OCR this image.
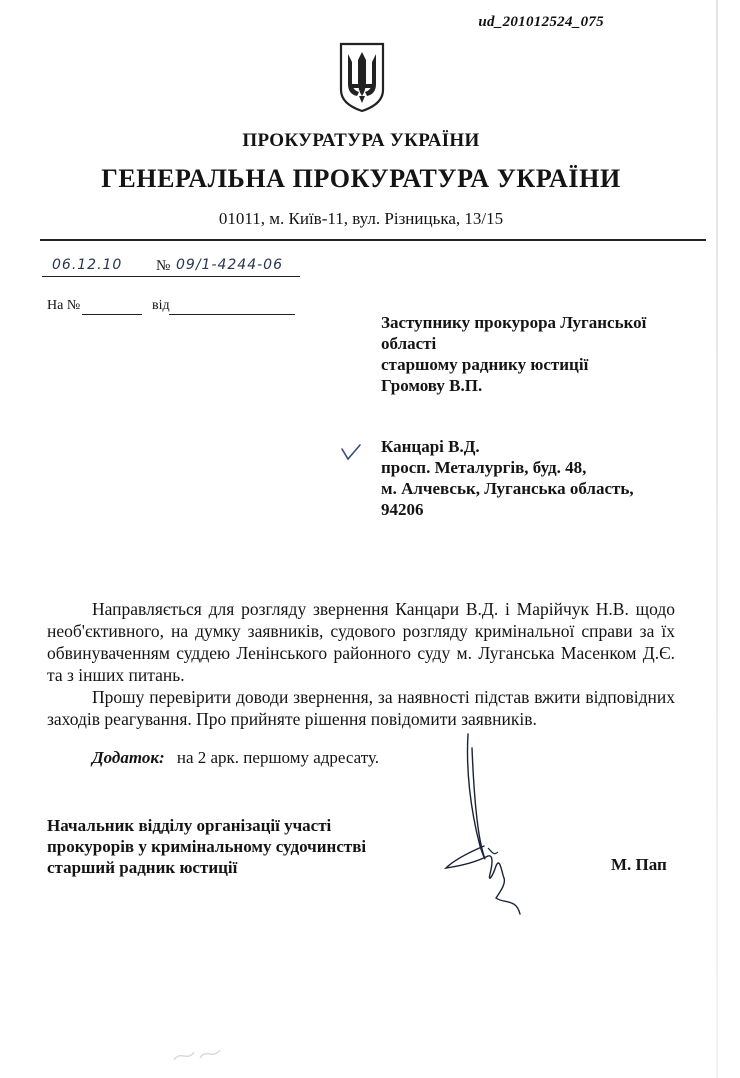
ud_201012524_075
ПРОКУРАТУРА УКРАЇНИ
ГЕНЕРАЛЬНА ПРОКУРАТУРА УКРАЇНИ
01011, м. Київ-11, вул. Різницька, 13/15
06.12.10 № 09/1-4244-06
На №	від
Заступнику прокурора Луганської
області
старшому раднику юстиції
Громову В.П.
Канцарі В.Д.
просп. Металургів, буд. 48,
м. Алчевськ, Луганська область,
94206

Направляється для розгляду звернення Канцари В.Д. і Марійчук Н.В. щодо необ'єктивного, на думку заявників, судового розгляду кримінальної справи за їх обвинуваченням суддею Ленінського районного суду м. Луганська Масенком Д.Є. та з інших питань.

Прошу перевірити доводи звернення, за наявності підстав вжити відповідних заходів реагування. Про прийняте рішення повідомити заявників.

Додаток: на 2 арк. першому адресату.
Начальник відділу організації участі
прокурорів у кримінальному судочинстві
старший радник юстиції	М. Пап
